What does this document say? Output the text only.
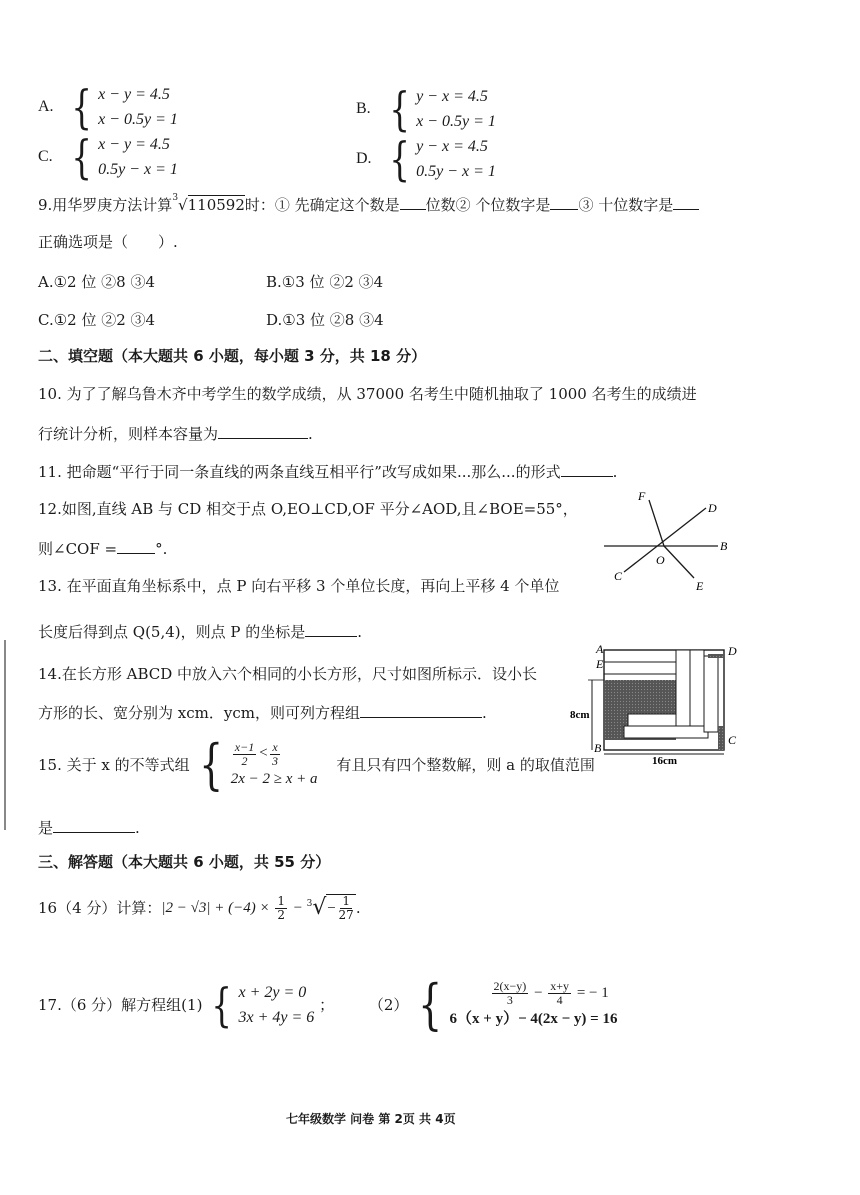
A. { x − y = 4.5
x − 0.5y = 1
B. { y − x = 4.5
x − 0.5y = 1
C. { x − y = 4.5
0.5y − x = 1
D. { y − x = 4.5
0.5y − x = 1
9.用华罗庚方法计算$^3$√110592时：① 先确定这个数是 位数② 个位数字是 ③ 十位数字是
正确选项是（　　）.
A.①2 位 ②8 ③4	B.①3 位 ②2 ③4
C.①2 位 ②2 ③4	D.①3 位 ②8 ③4
二、填空题（本大题共 6 小题，每小题 3 分，共 18 分）
10. 为了了解乌鲁木齐中考学生的数学成绩，从 37000 名考生中随机抽取了 1000 名考生的成绩进
行统计分析，则样本容量为	.
11. 把命题“平行于同一条直线的两条直线互相平行”改写成如果...那么...的形式	.
12.如图,直线 AB 与 CD 相交于点 O,EO⊥CD,OF 平分∠AOD,且∠BOE=55°，
则∠COF =	°.
F
D
B
O
C
E
13. 在平面直角坐标系中，点 P 向右平移 3 个单位长度，再向上平移 4 个单位
长度后得到点 Q(5,4)，则点 P 的坐标是	.
14.在长方形 ABCD 中放入六个相同的小长方形，尺寸如图所标示．设小长
方形的长、宽分别为 xcm．ycm，则可列方程组	.	8cm
16cm
A
E
D
B
C
15. 关于 x 的不等式组 { $\frac{x-1}{2} < \frac{x}{3}$
2x − 2 ≥ x + a
有且只有四个整数解，则 a 的取值范围
是	.
三、解答题（本大题共 6 小题，共 55 分）
16（4 分）计算：$|2 - √3| + (-4) \times \frac{1}{2} - ^3√- \frac{1}{27}$ .
17.（6 分）解方程组(1) { x + 2y = 0
3x + 4y = 6
； （2） {	$\frac{2(x-y)}{3} - \frac{x+y}{4}$ = − 1
6（x + y）− 4(2x − y) = 16
七年级数学 问卷 第 2页 共 4页
